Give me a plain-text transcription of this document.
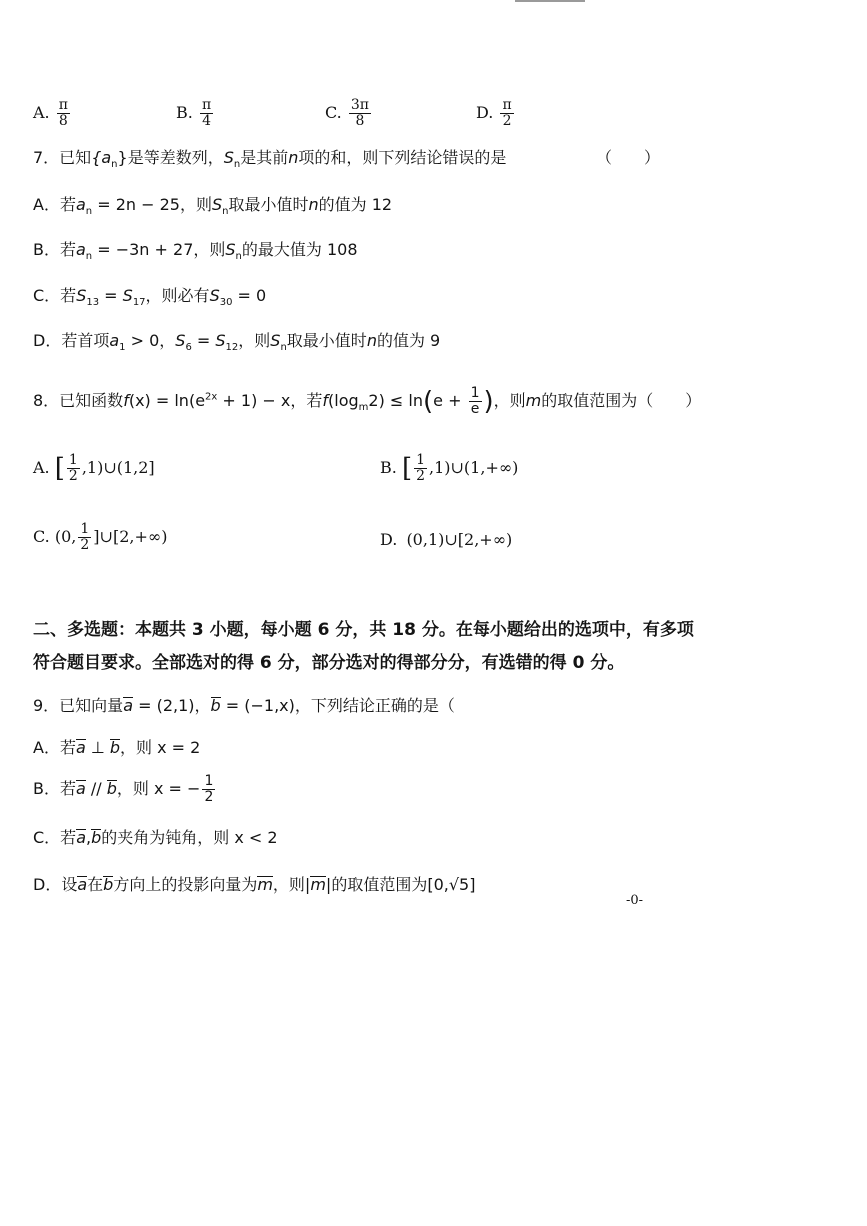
A. $\frac{\pi}{8}$	B. $\frac{\pi}{4}$	C. $\frac{3\pi}{8}$	D. $\frac{\pi}{2}$
7．已知$\{a_n\}$是等差数列，$S_n$是其前n项的和，则下列结论错误的是	（　　）
A．若$a_n = 2n - 25$，则$S_n$取最小值时n的值为 12
B．若$a_n = -3n + 27$，则$S_n$的最大值为 108
C．若$S_{13} = S_{17}$，则必有$S_{30} = 0$
D．若首项$a_1 > 0$，$S_6 = S_{12}$，则$S_n$取最小值时n的值为 9
8．已知函数$f(x) = \ln(e^{2x} + 1) - x$，若$f(\log_m2) \le \ln(e + \frac{1}{e}$ )，则m的取值范围为（　　）
A. [ $\frac{1}{2}$ ,1)∪(1,2]	B. [ $\frac{1}{2}$ ,1)∪(1,+∞)
C. (0, $\frac{1}{2}$ ]∪[2,+∞)	D. (0,1)∪[2,+∞)
二、多选题：本题共 3 小题，每小题 6 分，共 18 分。在每小题给出的选项中，有多项
符合题目要求。全部选对的得 6 分，部分选对的得部分分，有选错的得 0 分。
9．已知向量a = (2,1)，b = (−1,x)，下列结论正确的是（
A．若a ⊥ b，则 x = 2
B．若a // b，则 x = − $\frac{1}{2}$
C．若a,b的夹角为钝角，则 x < 2
D．设a在b方向上的投影向量为m，则|m|的取值范围为[0,√5]
-0-
